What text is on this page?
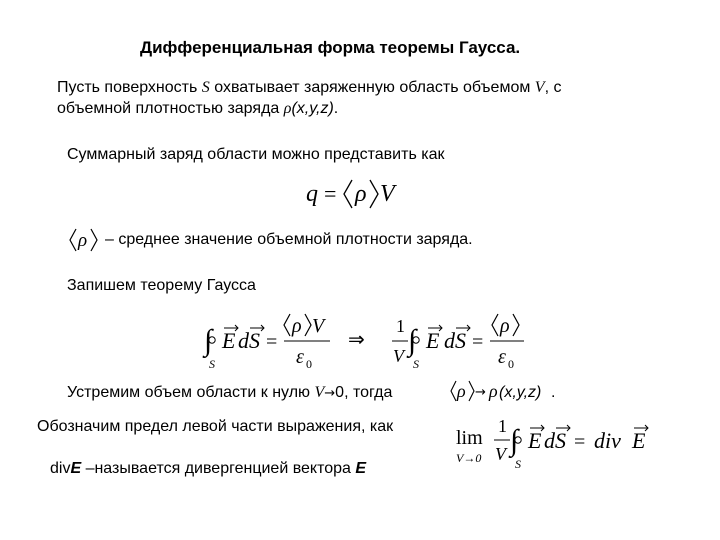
Дифференциальная форма теоремы Гаусса.
Пусть поверхность S охватывает заряженную область объемом V, с
объемной плотностью заряда ρ(x,y,z).
Суммарный заряд области можно представить как
q = ρ V
ρ – среднее значение объемной плотности заряда.
Запишем теорему Гаусса
∫
S
E dS =
ρ V
ε 0
⇒
1
V ∫
S
E dS =
ρ
ε 0
Устремим объем области к нулю V→0, тогда	ρ → ρ (x,y,z) .
Обозначим предел левой части выражения, как
lim
V→0
1
V ∫
S
E dS = div E
divE –называется дивергенцией вектора E
